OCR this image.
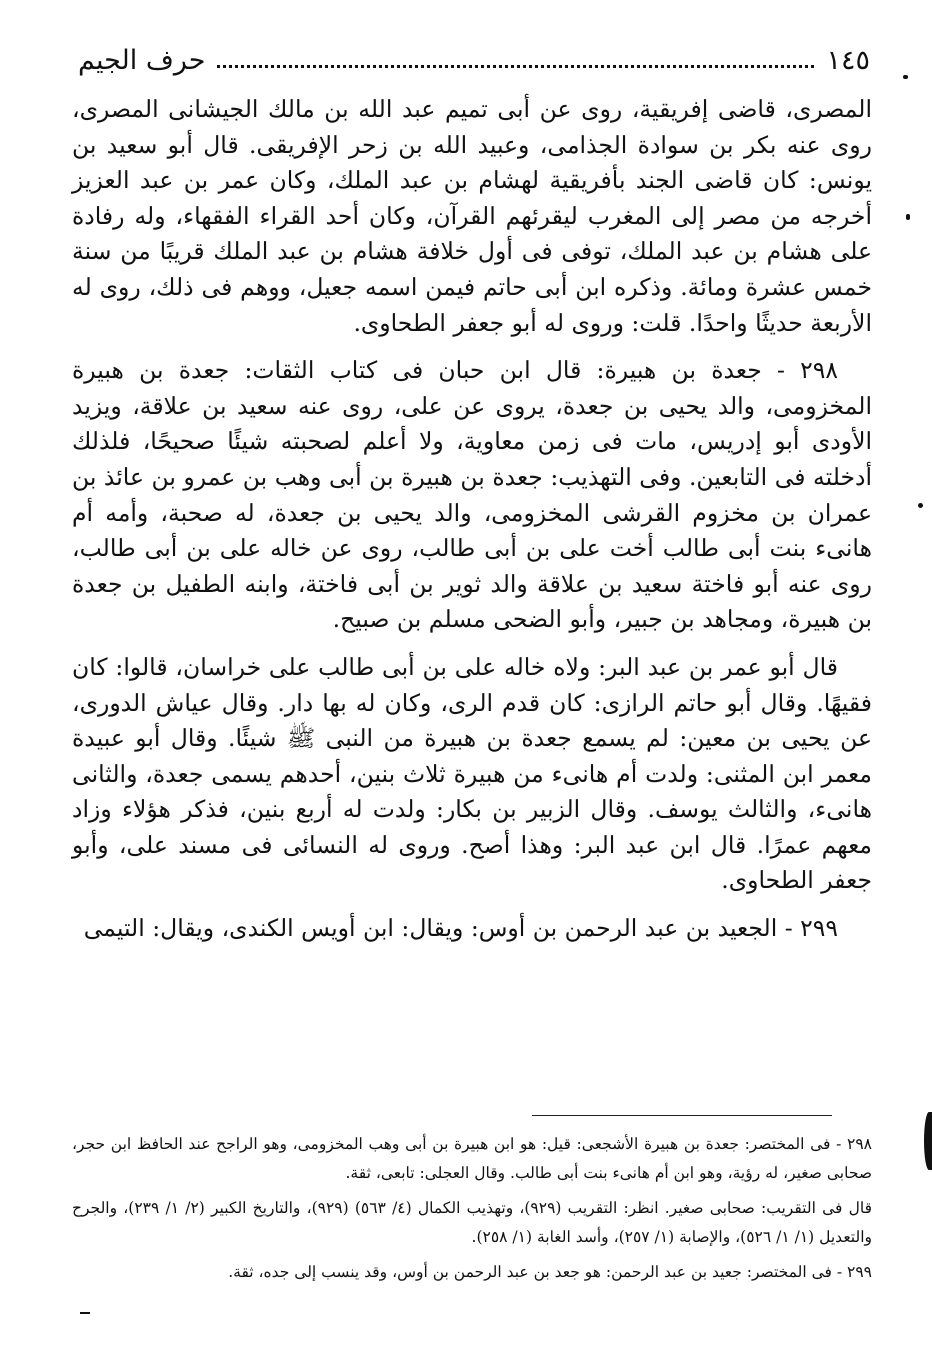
حرف الجيم	١٤٥

المصرى، قاضى إفريقية، روى عن أبى تميم عبد الله بن مالك الجيشانى المصرى، روى عنه بكر بن سوادة الجذامى، وعبيد الله بن زحر الإفريقى. قال أبو سعيد بن يونس: كان قاضى الجند بأفريقية لهشام بن عبد الملك، وكان عمر بن عبد العزيز أخرجه من مصر إلى المغرب ليقرئهم القرآن، وكان أحد القراء الفقهاء، وله رفادة على هشام بن عبد الملك، توفى فى أول خلافة هشام بن عبد الملك قريبًا من سنة خمس عشرة ومائة. وذكره ابن أبى حاتم فيمن اسمه جعيل، ووهم فى ذلك، روى له الأربعة حديثًا واحدًا. قلت: وروى له أبو جعفر الطحاوى.

٢٩٨ - جعدة بن هبيرة: قال ابن حبان فى كتاب الثقات: جعدة بن هبيرة المخزومى، والد يحيى بن جعدة، يروى عن على، روى عنه سعيد بن علاقة، ويزيد الأودى أبو إدريس، مات فى زمن معاوية، ولا أعلم لصحبته شيئًا صحيحًا، فلذلك أدخلته فى التابعين. وفى التهذيب: جعدة بن هبيرة بن أبى وهب بن عمرو بن عائذ بن عمران بن مخزوم القرشى المخزومى، والد يحيى بن جعدة، له صحبة، وأمه أم هانىء بنت أبى طالب أخت على بن أبى طالب، روى عن خاله على بن أبى طالب، روى عنه أبو فاختة سعيد بن علاقة والد ثوير بن أبى فاختة، وابنه الطفيل بن جعدة بن هبيرة، ومجاهد بن جبير، وأبو الضحى مسلم بن صبيح.

قال أبو عمر بن عبد البر: ولاه خاله على بن أبى طالب على خراسان، قالوا: كان فقيهًا. وقال أبو حاتم الرازى: كان قدم الرى، وكان له بها دار. وقال عياش الدورى، عن يحيى بن معين: لم يسمع جعدة بن هبيرة من النبى ﷺ شيئًا. وقال أبو عبيدة معمر ابن المثنى: ولدت أم هانىء من هبيرة ثلاث بنين، أحدهم يسمى جعدة، والثانى هانىء، والثالث يوسف. وقال الزبير بن بكار: ولدت له أربع بنين، فذكر هؤلاء وزاد معهم عمرًا. قال ابن عبد البر: وهذا أصح. وروى له النسائى فى مسند على، وأبو جعفر الطحاوى.

٢٩٩ - الجعيد بن عبد الرحمن بن أوس: ويقال: ابن أويس الكندى، ويقال: التيمى

٢٩٨ - فى المختصر: جعدة بن هبيرة الأشجعى: قيل: هو ابن هبيرة بن أبى وهب المخزومى، وهو الراجح عند الحافظ ابن حجر، صحابى صغير، له رؤية، وهو ابن أم هانىء بنت أبى طالب. وقال العجلى: تابعى، ثقة.

قال فى التقريب: صحابى صغير. انظر: التقريب (٩٢٩)، وتهذيب الكمال (٤/ ٥٦٣) (٩٢٩)، والتاريخ الكبير (٢/ ١/ ٢٣٩)، والجرح والتعديل (١/ ١/ ٥٢٦)، والإصابة (١/ ٢٥٧)، وأسد الغابة (١/ ٢٥٨).

٢٩٩ - فى المختصر: جعيد بن عبد الرحمن: هو جعد بن عبد الرحمن بن أوس، وقد ينسب إلى جده، ثقة.
